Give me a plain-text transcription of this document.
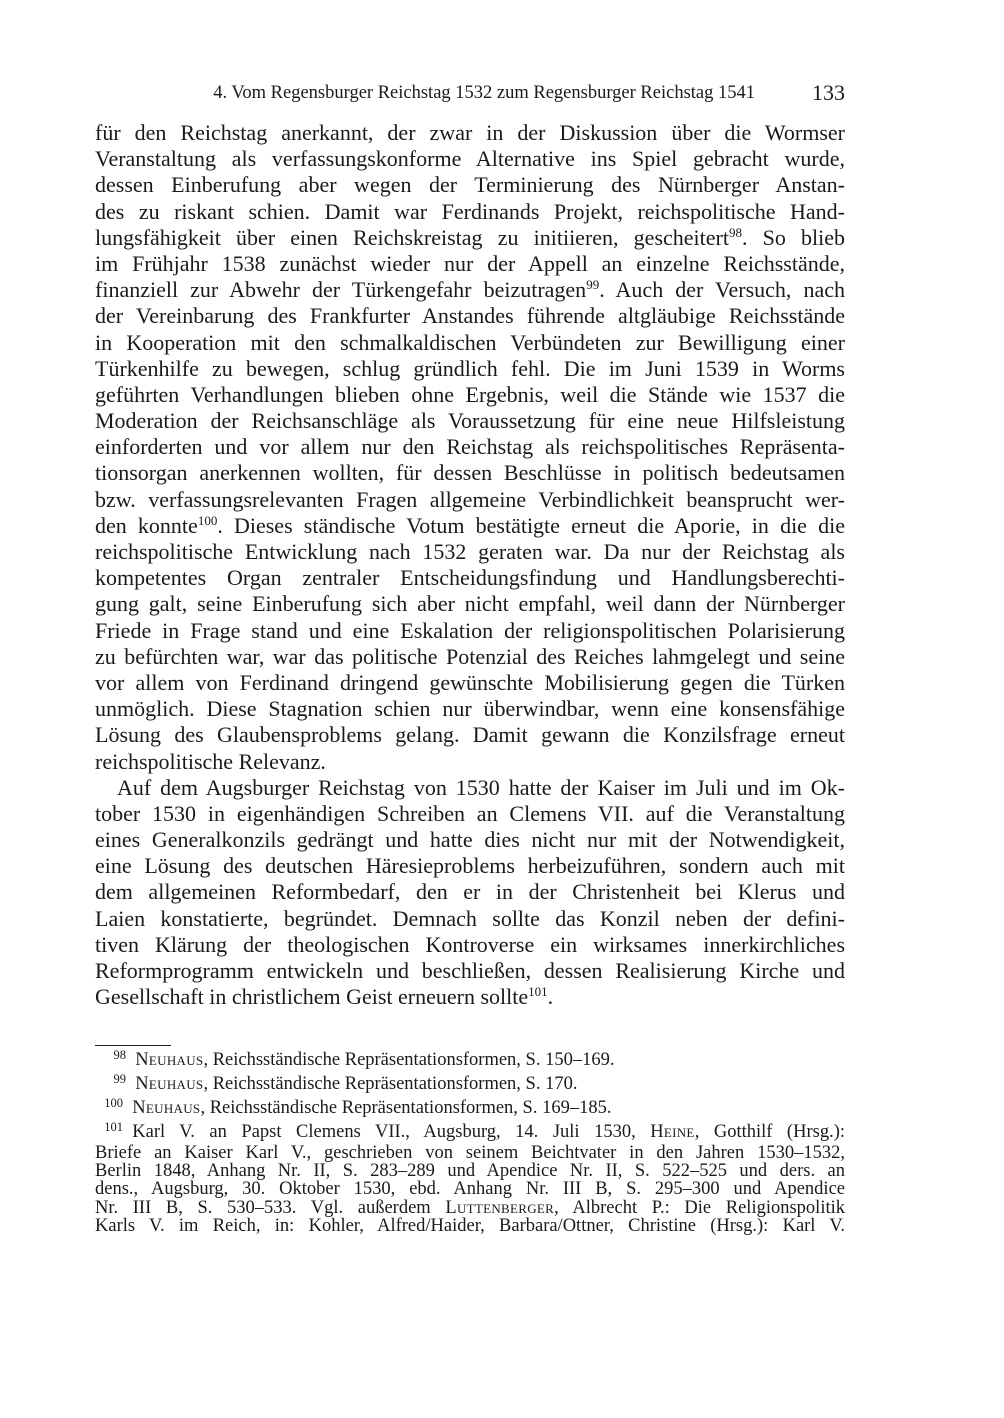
4. Vom Regensburger Reichstag 1532 zum Regensburger Reichstag 1541	133
für den Reichstag anerkannt, der zwar in der Diskussion über die Wormser
Veranstaltung als verfassungskonforme Alternative ins Spiel gebracht wurde,
dessen Einberufung aber wegen der Terminierung des Nürnberger Anstan-
des zu riskant schien. Damit war Ferdinands Projekt, reichspolitische Hand-
lungsfähigkeit über einen Reichskreistag zu initiieren, gescheitert$^{98}$. So blieb
im Frühjahr 1538 zunächst wieder nur der Appell an einzelne Reichsstände,
finanziell zur Abwehr der Türkengefahr beizutragen$^{99}$. Auch der Versuch, nach
der Vereinbarung des Frankfurter Anstandes führende altgläubige Reichsstände
in Kooperation mit den schmalkaldischen Verbündeten zur Bewilligung einer
Türkenhilfe zu bewegen, schlug gründlich fehl. Die im Juni 1539 in Worms
geführten Verhandlungen blieben ohne Ergebnis, weil die Stände wie 1537 die
Moderation der Reichsanschläge als Voraussetzung für eine neue Hilfsleistung
einforderten und vor allem nur den Reichstag als reichspolitisches Repräsenta-
tionsorgan anerkennen wollten, für dessen Beschlüsse in politisch bedeutsamen
bzw. verfassungsrelevanten Fragen allgemeine Verbindlichkeit beansprucht wer-
den konnte$^{100}$. Dieses ständische Votum bestätigte erneut die Aporie, in die die
reichspolitische Entwicklung nach 1532 geraten war. Da nur der Reichstag als
kompetentes Organ zentraler Entscheidungsfindung und Handlungsberechti-
gung galt, seine Einberufung sich aber nicht empfahl, weil dann der Nürnberger
Friede in Frage stand und eine Eskalation der religionspolitischen Polarisierung
zu befürchten war, war das politische Potenzial des Reiches lahmgelegt und seine
vor allem von Ferdinand dringend gewünschte Mobilisierung gegen die Türken
unmöglich. Diese Stagnation schien nur überwindbar, wenn eine konsensfähige
Lösung des Glaubensproblems gelang. Damit gewann die Konzilsfrage erneut
reichspolitische Relevanz.
Auf dem Augsburger Reichstag von 1530 hatte der Kaiser im Juli und im Ok-
tober 1530 in eigenhändigen Schreiben an Clemens VII. auf die Veranstaltung
eines Generalkonzils gedrängt und hatte dies nicht nur mit der Notwendigkeit,
eine Lösung des deutschen Häresieproblems herbeizuführen, sondern auch mit
dem allgemeinen Reformbedarf, den er in der Christenheit bei Klerus und
Laien konstatierte, begründet. Demnach sollte das Konzil neben der defini-
tiven Klärung der theologischen Kontroverse ein wirksames innerkirchliches
Reformprogramm entwickeln und beschließen, dessen Realisierung Kirche und
Gesellschaft in christlichem Geist erneuern sollte$^{101}$.
  98  Neuhaus, Reichsständische Repräsentationsformen, S. 150–169.
  99  Neuhaus, Reichsständische Repräsentationsformen, S. 170.
 100  Neuhaus, Reichsständische Repräsentationsformen, S. 169–185.
 101  Karl V. an Papst Clemens VII., Augsburg, 14. Juli 1530, Heine, Gotthilf (Hrsg.):
Briefe an Kaiser Karl V., geschrieben von seinem Beichtvater in den Jahren 1530–1532,
Berlin 1848, Anhang Nr. II, S. 283–289 und Apendice Nr. II, S. 522–525 und ders. an
dens., Augsburg, 30. Oktober 1530, ebd. Anhang Nr. III B, S. 295–300 und Apendice
Nr. III B, S. 530–533. Vgl. außerdem Luttenberger, Albrecht P.: Die Religionspolitik
Karls V. im Reich, in: Kohler, Alfred/Haider, Barbara/Ottner, Christine (Hrsg.): Karl V.
